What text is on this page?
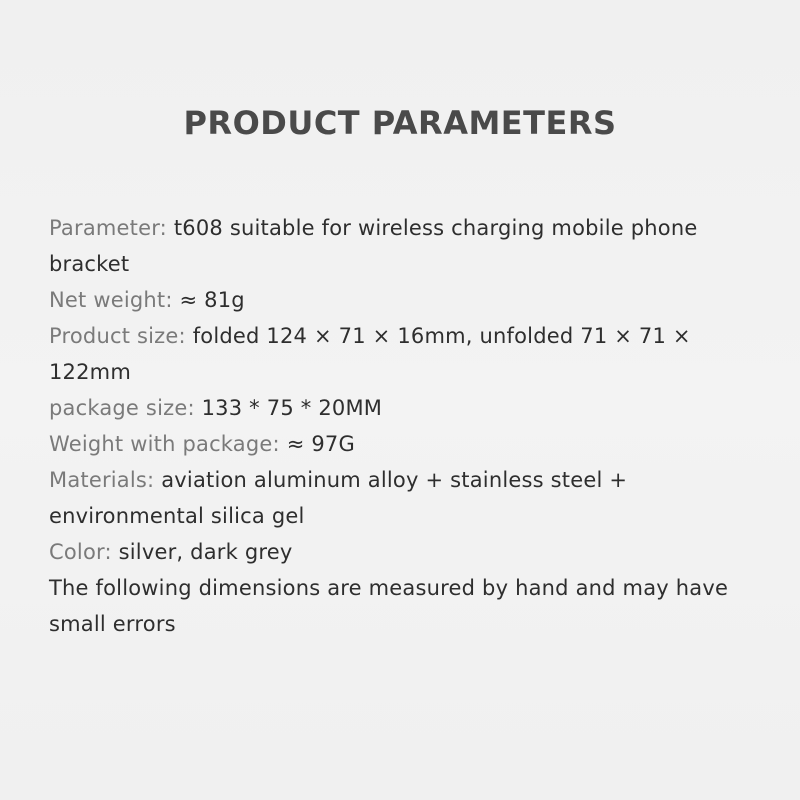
PRODUCT PARAMETERS
Parameter: t608 suitable for wireless charging mobile phone bracket
Net weight: ≈ 81g
Product size: folded 124 × 71 × 16mm, unfolded 71 × 71 × 122mm
package size: 133 * 75 * 20MM
Weight with package: ≈ 97G
Materials: aviation aluminum alloy + stainless steel + environmental silica gel
Color: silver, dark grey
The following dimensions are measured by hand and may have small errors
